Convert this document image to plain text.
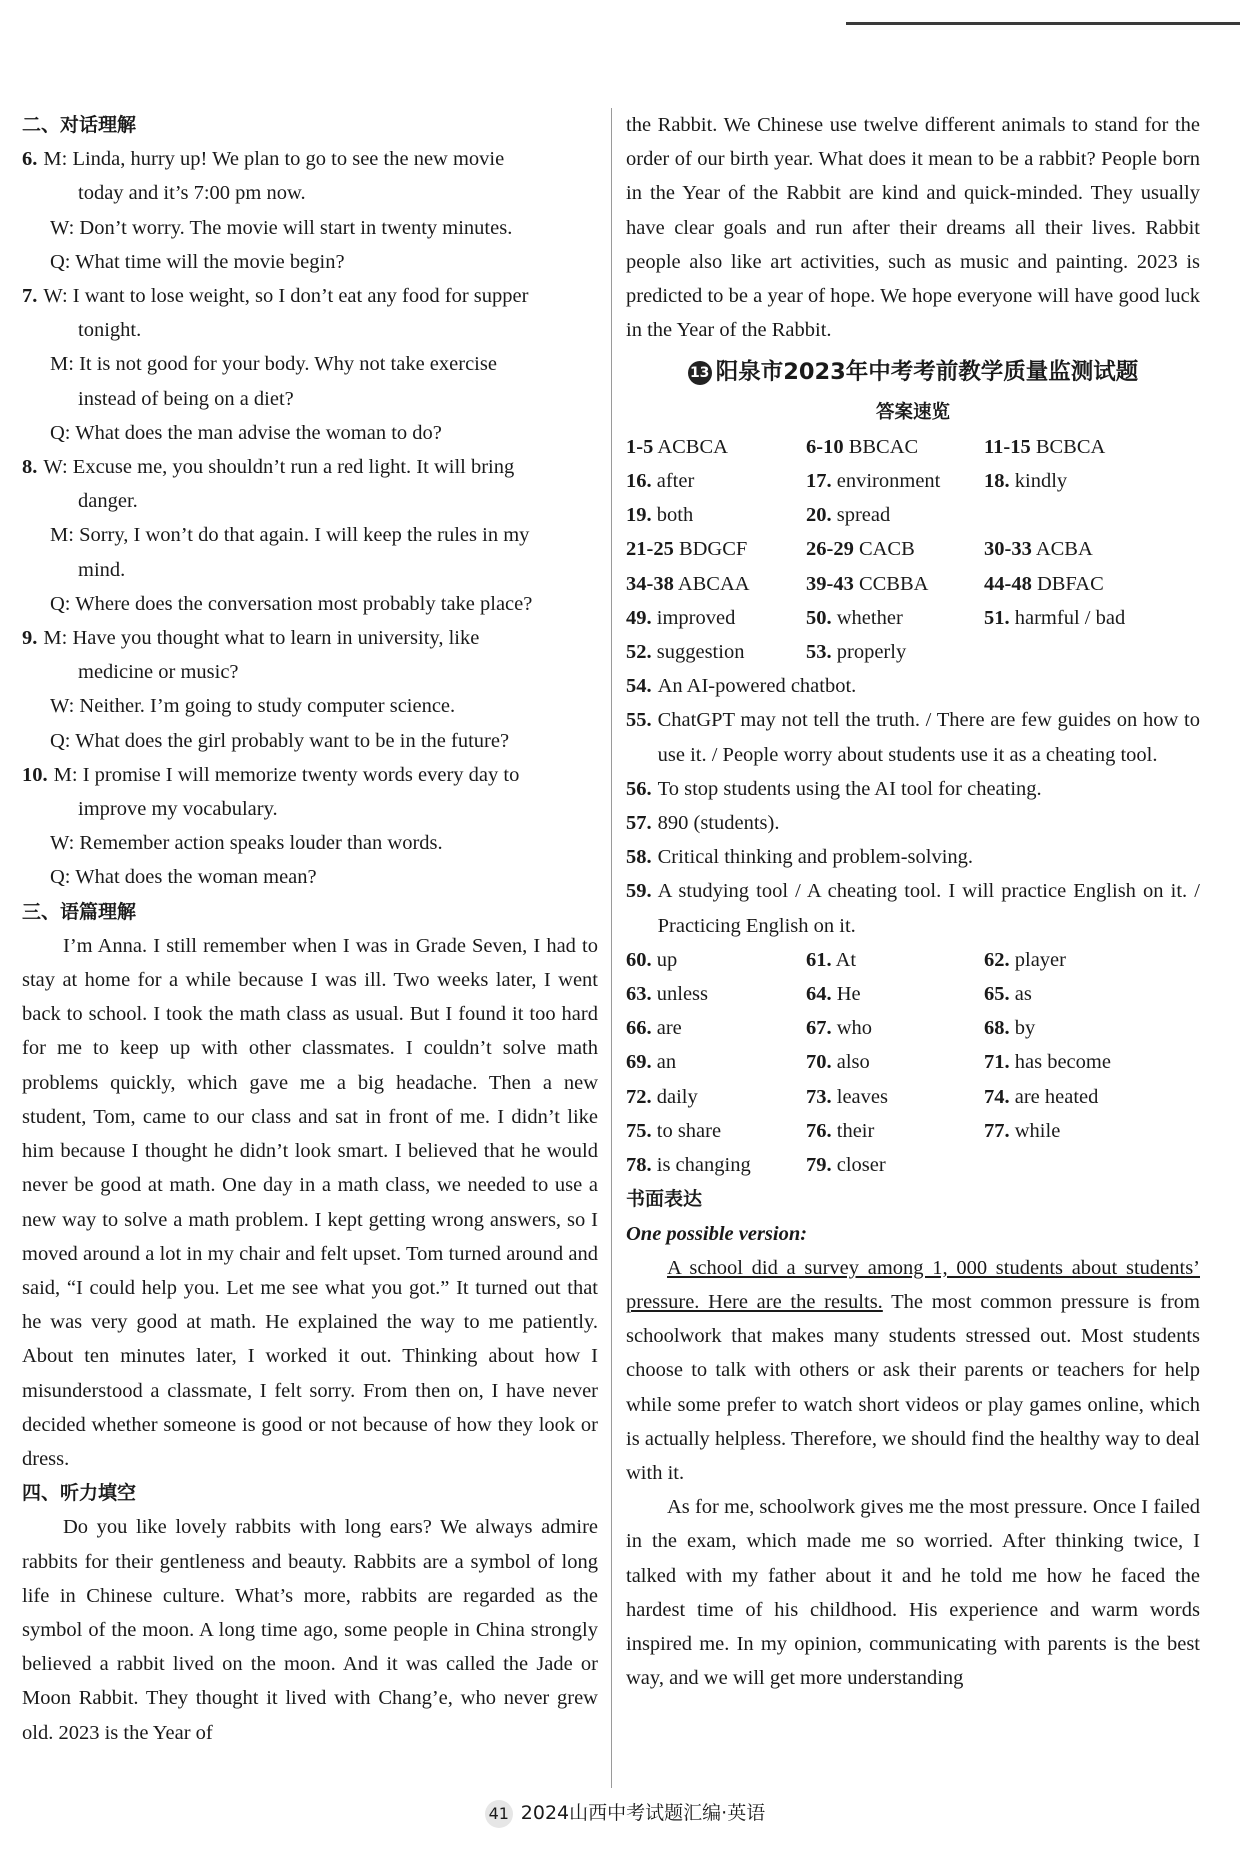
二、对话理解

6. M: Linda, hurry up! We plan to go to see the new movie

today and it’s 7:00 pm now.

W: Don’t worry. The movie will start in twenty minutes.
Q: What time will the movie begin?
7. W: I want to lose weight, so I don’t eat any food for supper

tonight.

M: It is not good for your body. Why not take exercise

instead of being on a diet?

Q: What does the man advise the woman to do?
8. W: Excuse me, you shouldn’t run a red light. It will bring

danger.

M: Sorry, I won’t do that again. I will keep the rules in my

mind.

Q: Where does the conversation most probably take place?
9. M: Have you thought what to learn in university, like

medicine or music?

W: Neither. I’m going to study computer science.
Q: What does the girl probably want to be in the future?
10. M: I promise I will memorize twenty words every day to

improve my vocabulary.

W: Remember action speaks louder than words.
Q: What does the woman mean?

三、语篇理解

I’m Anna. I still remember when I was in Grade Seven, I had to stay at home for a while because I was ill. Two weeks later, I went back to school. I took the math class as usual. But I found it too hard for me to keep up with other classmates. I couldn’t solve math problems quickly, which gave me a big headache. Then a new student, Tom, came to our class and sat in front of me. I didn’t like him because I thought he didn’t look smart. I believed that he would never be good at math. One day in a math class, we needed to use a new way to solve a math problem. I kept getting wrong answers, so I moved around a lot in my chair and felt upset. Tom turned around and said, “I could help you. Let me see what you got.” It turned out that he was very good at math. He explained the way to me patiently. About ten minutes later, I worked it out. Thinking about how I misunderstood a classmate, I felt sorry. From then on, I have never decided whether someone is good or not because of how they look or dress.

四、听力填空

Do you like lovely rabbits with long ears? We always admire rabbits for their gentleness and beauty. Rabbits are a symbol of long life in Chinese culture. What’s more, rabbits are regarded as the symbol of the moon. A long time ago, some people in China strongly believed a rabbit lived on the moon. And it was called the Jade or Moon Rabbit. They thought it lived with Chang’e, who never grew old. 2023 is the Year of

the Rabbit. We Chinese use twelve different animals to stand for the order of our birth year. What does it mean to be a rabbit? People born in the Year of the Rabbit are kind and quick-minded. They usually have clear goals and run after their dreams all their lives. Rabbit people also like art activities, such as music and painting. 2023 is predicted to be a year of hope. We hope everyone will have good luck in the Year of the Rabbit.

13 阳泉市2023年中考考前教学质量监测试题

答案速览

1-5 ACBCA	6-10 BBCAC	11-15 BCBCA
16. after	17. environment	18. kindly
19. both	20. spread
21-25 BDGCF	26-29 CACB	30-33 ACBA
34-38 ABCAA	39-43 CCBBA	44-48 DBFAC
49. improved	50. whether	51. harmful / bad
52. suggestion	53. properly
54. An AI-powered chatbot.
55. ChatGPT may not tell the truth. / There are few guides on how to use it. / People worry about students use it as a cheating tool.
56. To stop students using the AI tool for cheating.
57. 890 (students).
58. Critical thinking and problem-solving.
59. A studying tool / A cheating tool. I will practice English on it. / Practicing English on it.
60. up	61. At	62. player
63. unless	64. He	65. as
66. are	67. who	68. by
69. an	70. also	71. has become
72. daily	73. leaves	74. are heated
75. to share	76. their	77. while
78. is changing	79. closer

书面表达

One possible version:

A school did a survey among 1, 000 students about students’ pressure. Here are the results. The most common pressure is from schoolwork that makes many students stressed out. Most students choose to talk with others or ask their parents or teachers for help while some prefer to watch short videos or play games online, which is actually helpless. Therefore, we should find the healthy way to deal with it.

As for me, schoolwork gives me the most pressure. Once I failed in the exam, which made me so worried. After thinking twice, I talked with my father about it and he told me how he faced the hardest time of his childhood. His experience and warm words inspired me. In my opinion, communicating with parents is the best way, and we will get more understanding

41 2024山西中考试题汇编·英语
